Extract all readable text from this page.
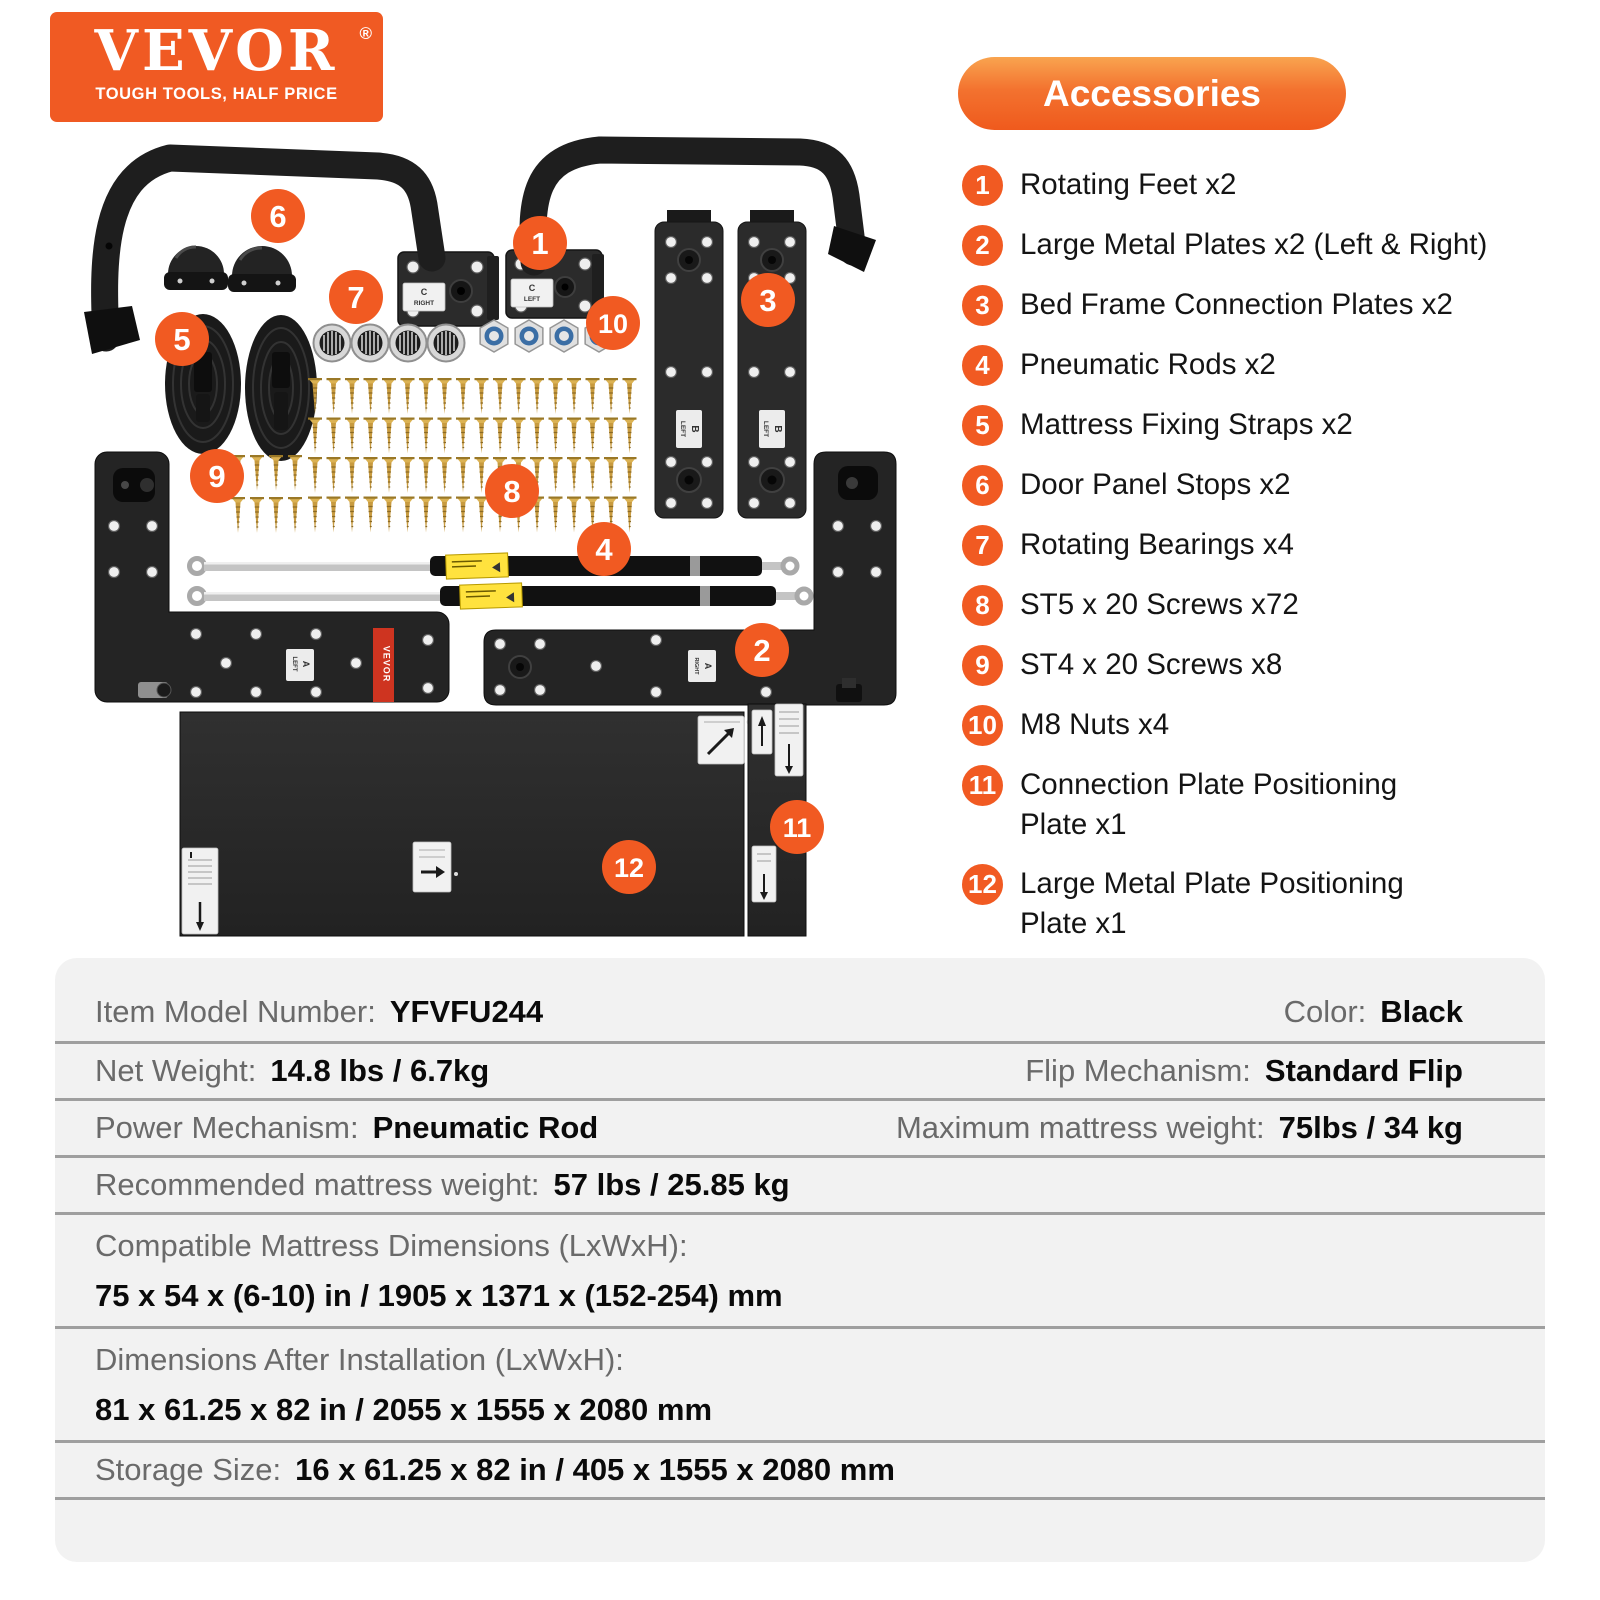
VEVOR	®
TOUGH TOOLS, HALF PRICE	Accessories
1	Rotating Feet x2
2	Large Metal Plates x2 (Left & Right)
3	Bed Frame Connection Plates x2
4	Pneumatic Rods x2
5	Mattress Fixing Straps x2
6	Door Panel Stops x2
7	Rotating Bearings x4
8	ST5 x 20 Screws x72
9	ST4 x 20 Screws x8
10 M8 Nuts x4
11 Connection Plate Positioning
Plate x1
12 Large Metal Plate Positioning
Plate x1
C
RIGHT
C
LEFT
B
LEFT	B
LEFT
A
LEFT	VEVOR	A
RIGHT
1
2
3
4
5
6
7
8
9
10
11
12
Item Model Number: YFVFU244	Color: Black
Net Weight: 14.8 lbs / 6.7kg	Flip Mechanism: Standard Flip
Power Mechanism: Pneumatic Rod	Maximum mattress weight: 75lbs / 34 kg
Recommended mattress weight: 57 lbs / 25.85 kg
Compatible Mattress Dimensions (LxWxH):
75 x 54 x (6-10) in / 1905 x 1371 x (152-254) mm
Dimensions After Installation (LxWxH):
81 x 61.25 x 82 in / 2055 x 1555 x 2080 mm
Storage Size: 16 x 61.25 x 82 in / 405 x 1555 x 2080 mm
